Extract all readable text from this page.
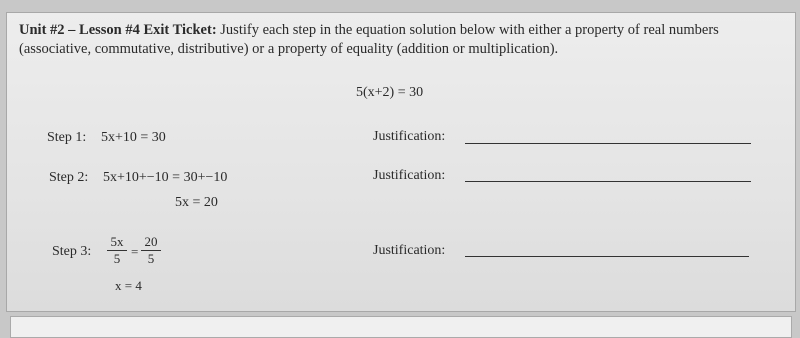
Unit #2 – Lesson #4 Exit Ticket: Justify each step in the equation solution below with either a property of real numbers (associative, commutative, distributive) or a property of equality (addition or multiplication).
5(x+2) = 30
Step 1: 5x+10 = 30	Justification:
Step 2: 5x+10+−10 = 30+−10
5x = 20
Justification:
Step 3:
5x
5 =
20
5
x = 4
Justification:
